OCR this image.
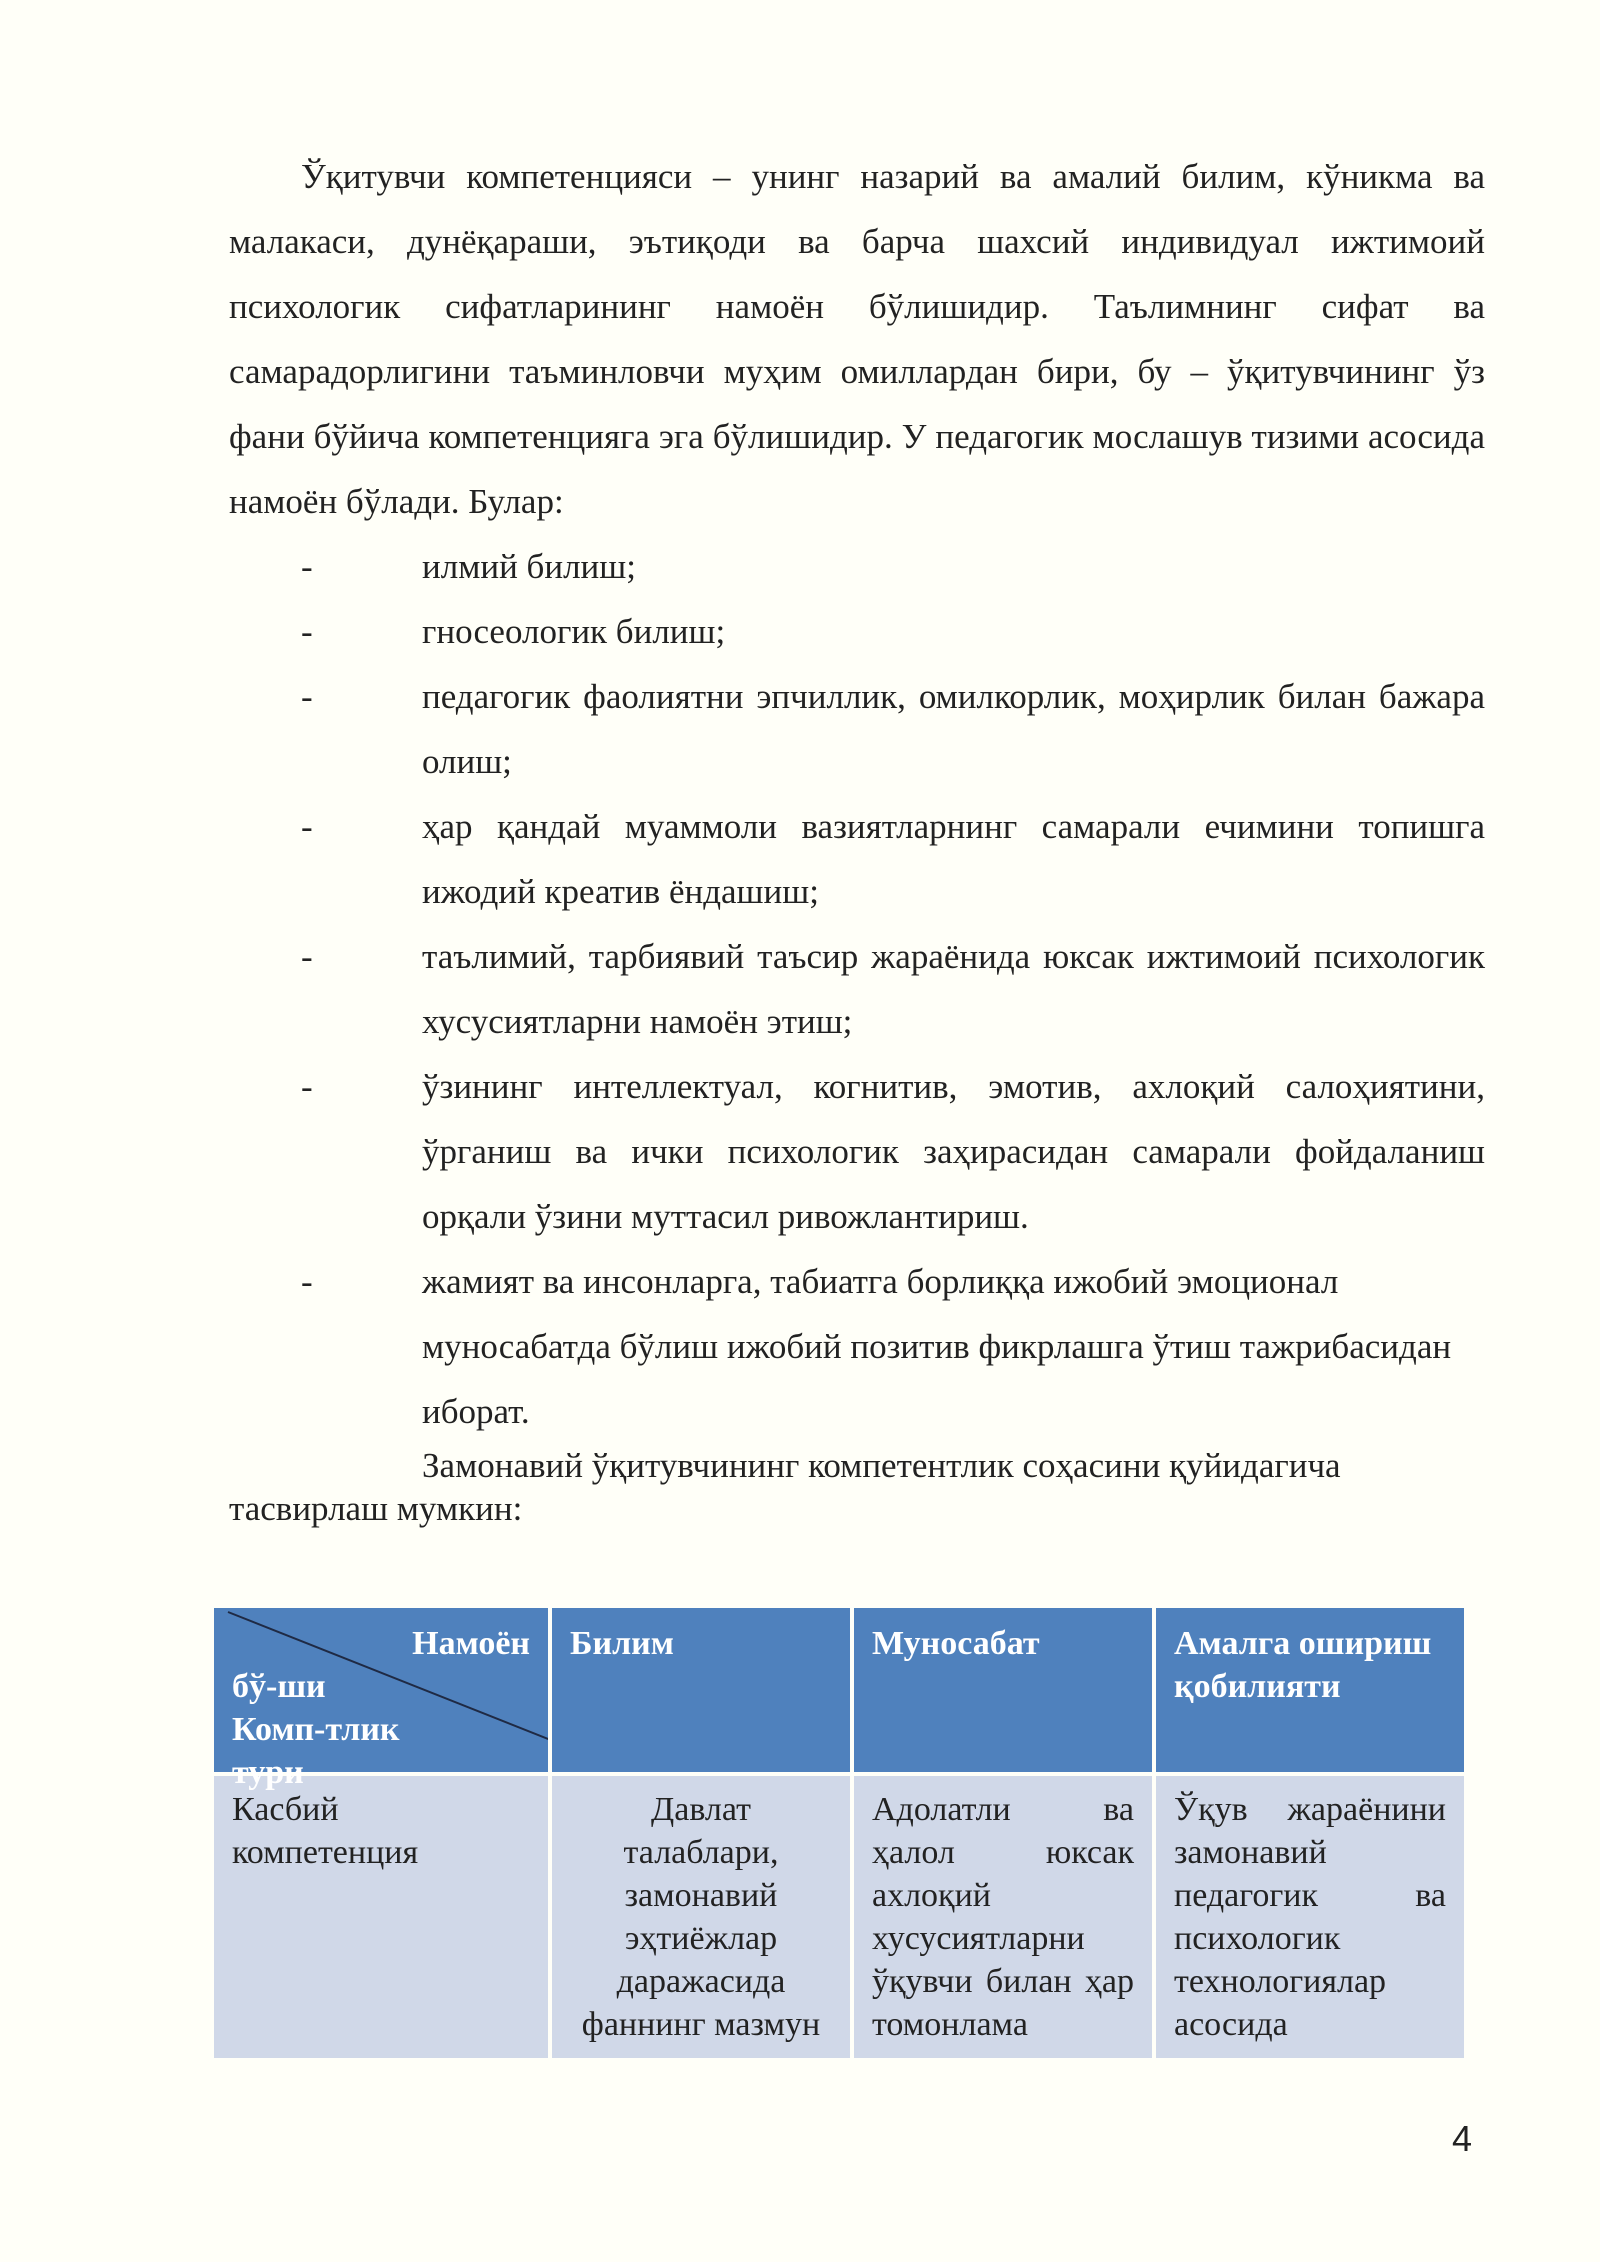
Ўқитувчи компетенцияси – унинг назарий ва амалий билим, кўникма ва малакаси, дунёқараши, эътиқоди ва барча шахсий индивидуал ижтимоий психологик сифатларининг намоён бўлишидир. Таълимнинг сифат ва самарадорлигини таъминловчи муҳим омиллардан бири, бу – ўқитувчининг ўз фани бўйича компетенцияга эга бўлишидир. У педагогик мослашув тизими асосида намоён бўлади. Булар:

-	илмий билиш;
-	гносеологик билиш;
-	педагогик фаолиятни эпчиллик, омилкорлик, моҳирлик билан бажара олиш;
-	ҳар қандай муаммоли вазиятларнинг самарали ечимини топишга ижодий креатив ёндашиш;
-	таълимий, тарбиявий таъсир жараёнида юксак ижтимоий психологик хусусиятларни намоён этиш;
-	ўзининг интеллектуал, когнитив, эмотив, ахлоқий салоҳиятини, ўрганиш ва ички психологик заҳирасидан самарали фойдаланиш орқали ўзини муттасил ривожлантириш.
-	жамият ва инсонларга, табиатга борлиққа ижобий эмоционал муносабатда бўлиш ижобий позитив фикрлашга ўтиш тажрибасидан иборат.

Замонавий ўқитувчининг компетентлик соҳасини қуйидагича
тасвирлаш мумкин:

Намоён
бў-ши
Комп-тлик
тури	Билим	Муносабат	Амалга ошириш қобилияти
Касбий компетенция	Давлат талаблари, замонавий эҳтиёжлар даражасида фаннинг мазмун	Адолатли ва ҳалол юксак ахлоқий хусусиятларни ўқувчи билан ҳар томонлама	Ўқув жараёнини замонавий педагогик ва психологик технологиялар асосида
4
